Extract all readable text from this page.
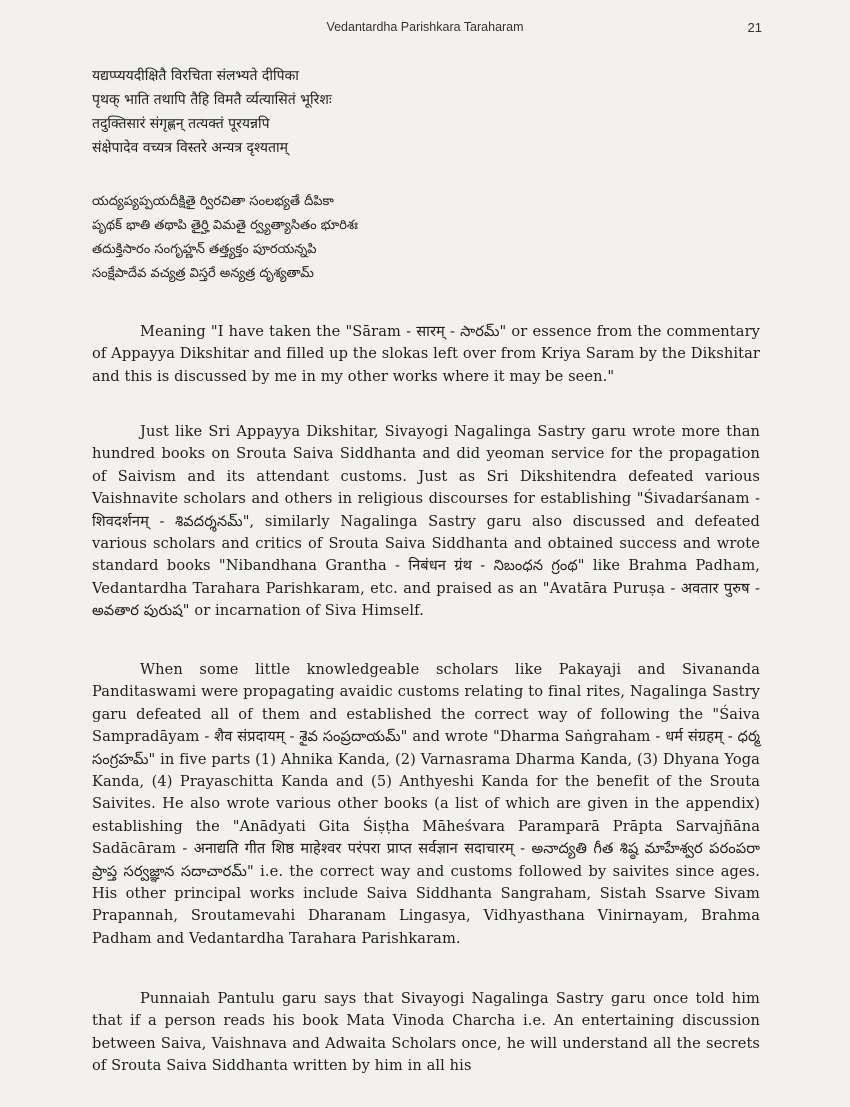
Vedantardha Parishkara Taraharam	21
यद्यप्प्ययदीक्षितै विरचिता संलभ्यते दीपिका
पृथक् भाति तथापि तैहि विमतै र्व्यत्यासितं भूरिशः
तदुक्तिसारं संगृह्णन् तत्यक्तं पूरयन्नपि
संक्षेपादेव वच्यत्र विस्तरे अन्यत्र दृश्यताम्
యద్యప్యప్పయదీక్షితై ర్విరచితా సంలభ్యతే దీపికా
పృథక్ భాతి తథాపి తైర్హి విమతై ర్వ్యత్యాసితం భూరిశః
తదుక్తిసారం సంగృహ్ణన్ తత్త్యక్తం పూరయన్నపి
సంక్షేపాదేవ వచ్యత్ర విస్తరే అన్యత్ర దృశ్యతామ్

Meaning "I have taken the "Sāram - सारम् - సారమ్" or essence from the commentary of Appayya Dikshitar and filled up the slokas left over from Kriya Saram by the Dikshitar and this is discussed by me in my other works where it may be seen."

Just like Sri Appayya Dikshitar, Sivayogi Nagalinga Sastry garu wrote more than hundred books on Srouta Saiva Siddhanta and did yeoman service for the propagation of Saivism and its attendant customs. Just as Sri Dikshitendra defeated various Vaishnavite scholars and others in religious discourses for establishing "Śivadarśanam - शिवदर्शनम् - శివదర్శనమ్", similarly Nagalinga Sastry garu also discussed and defeated various scholars and critics of Srouta Saiva Siddhanta and obtained success and wrote standard books "Nibandhana Grantha - निबंधन ग्रंथ - నిబంధన గ్రంథ" like Brahma Padham, Vedantardha Tarahara Parishkaram, etc. and praised as an "Avatāra Puruṣa - अवतार पुरुष - అవతార పురుష" or incarnation of Siva Himself.

When some little knowledgeable scholars like Pakayaji and Sivananda Panditaswami were propagating avaidic customs relating to final rites, Nagalinga Sastry garu defeated all of them and established the correct way of following the "Śaiva Sampradāyam - शैव संप्रदायम् - శైవ సంప్రదాయమ్" and wrote "Dharma Saṅgraham - धर्म संग्रहम् - ధర్మ సంగ్రహమ్" in five parts (1) Ahnika Kanda, (2) Varnasrama Dharma Kanda, (3) Dhyana Yoga Kanda, (4) Prayaschitta Kanda and (5) Anthyeshi Kanda for the benefit of the Srouta Saivites. He also wrote various other books (a list of which are given in the appendix) establishing the "Anādyati Gita Śiṣṭha Māheśvara Paramparā Prāpta Sarvajñāna Sadācāram - अनाद्यति गीत शिष्ठ माहेश्वर परंपरा प्राप्त सर्वज्ञान सदाचारम् - అనాద్యతి గీత శిష్ఠ మాహేశ్వర పరంపరా ప్రాప్త సర్వజ్ఞాన సదాచారమ్" i.e. the correct way and customs followed by saivites since ages. His other principal works include Saiva Siddhanta Sangraham, Sistah Ssarve Sivam Prapannah, Sroutamevahi Dharanam Lingasya, Vidhyasthana Vinirnayam, Brahma Padham and Vedantardha Tarahara Parishkaram.

Punnaiah Pantulu garu says that Sivayogi Nagalinga Sastry garu once told him that if a person reads his book Mata Vinoda Charcha i.e. An entertaining discussion between Saiva, Vaishnava and Adwaita Scholars once, he will understand all the secrets of Srouta Saiva Siddhanta written by him in all his
